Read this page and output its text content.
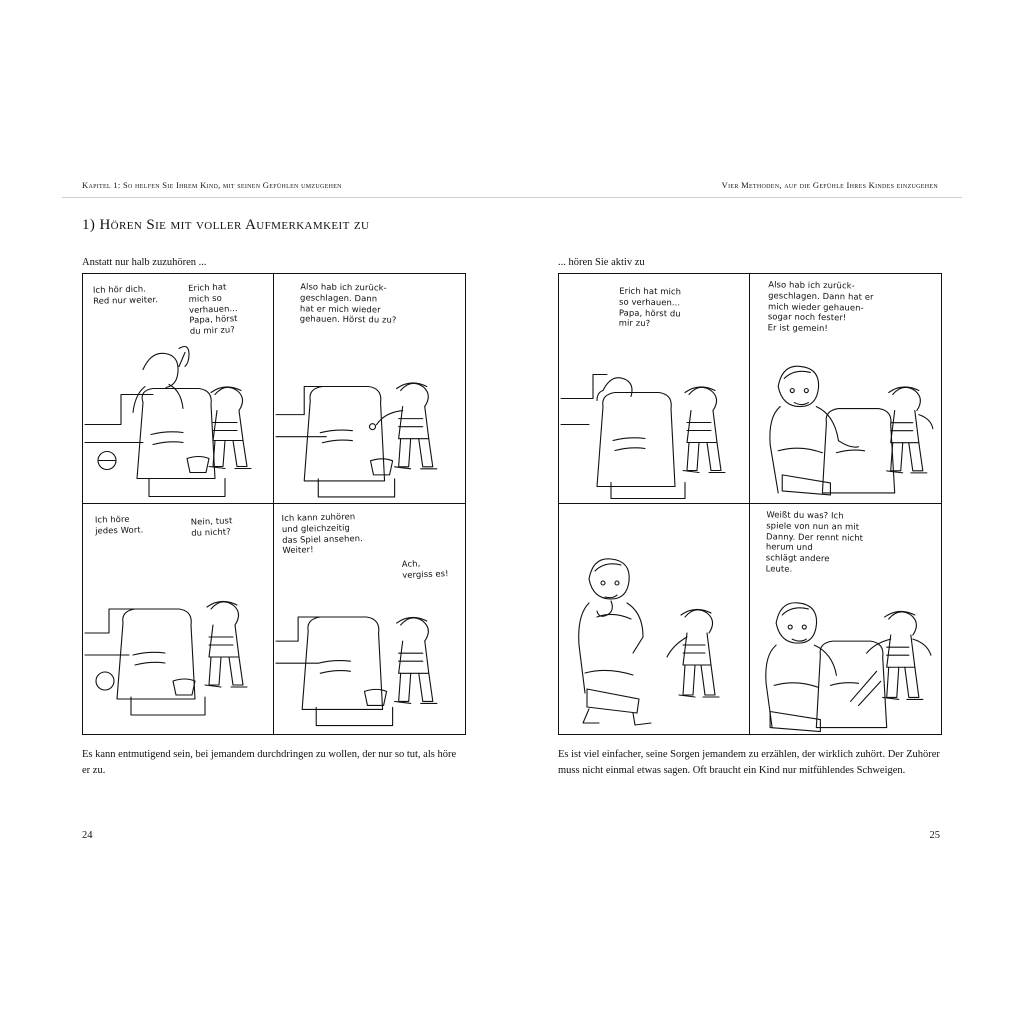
Kapitel 1: So helfen Sie Ihrem Kind, mit seinen Gefühlen umzugehen
1) Hören Sie mit voller Aufmerkamkeit zu
Anstatt nur halb zuzuhören ...
Ich hör dich.
Red nur weiter.
Erich hat
mich so
verhauen...
Papa, hörst
du mir zu?
Also hab ich zurück-
geschlagen. Dann
hat er mich wieder
gehauen. Hörst du zu?
Ich höre
jedes Wort.
Nein, tust
du nicht?
Ich kann zuhören
und gleichzeitig
das Spiel ansehen.
Weiter!
Ach,
vergiss es!
Es kann entmutigend sein, bei jemandem durchdringen zu wollen, der nur so tut, als höre er zu.
24
Vier Methoden, auf die Gefühle Ihres Kindes einzugehen
... hören Sie aktiv zu
Erich hat mich
so verhauen...
Papa, hörst du
mir zu?
Also hab ich zurück-
geschlagen. Dann hat er
mich wieder gehauen-
sogar noch fester!
Er ist gemein!
Weißt du was? Ich
spiele von nun an mit
Danny. Der rennt nicht
herum und
schlägt andere
Leute.
Es ist viel einfacher, seine Sorgen jemandem zu erzählen, der wirklich zuhört. Der Zuhörer muss nicht einmal etwas sagen. Oft braucht ein Kind nur mitfühlendes Schweigen.
25
